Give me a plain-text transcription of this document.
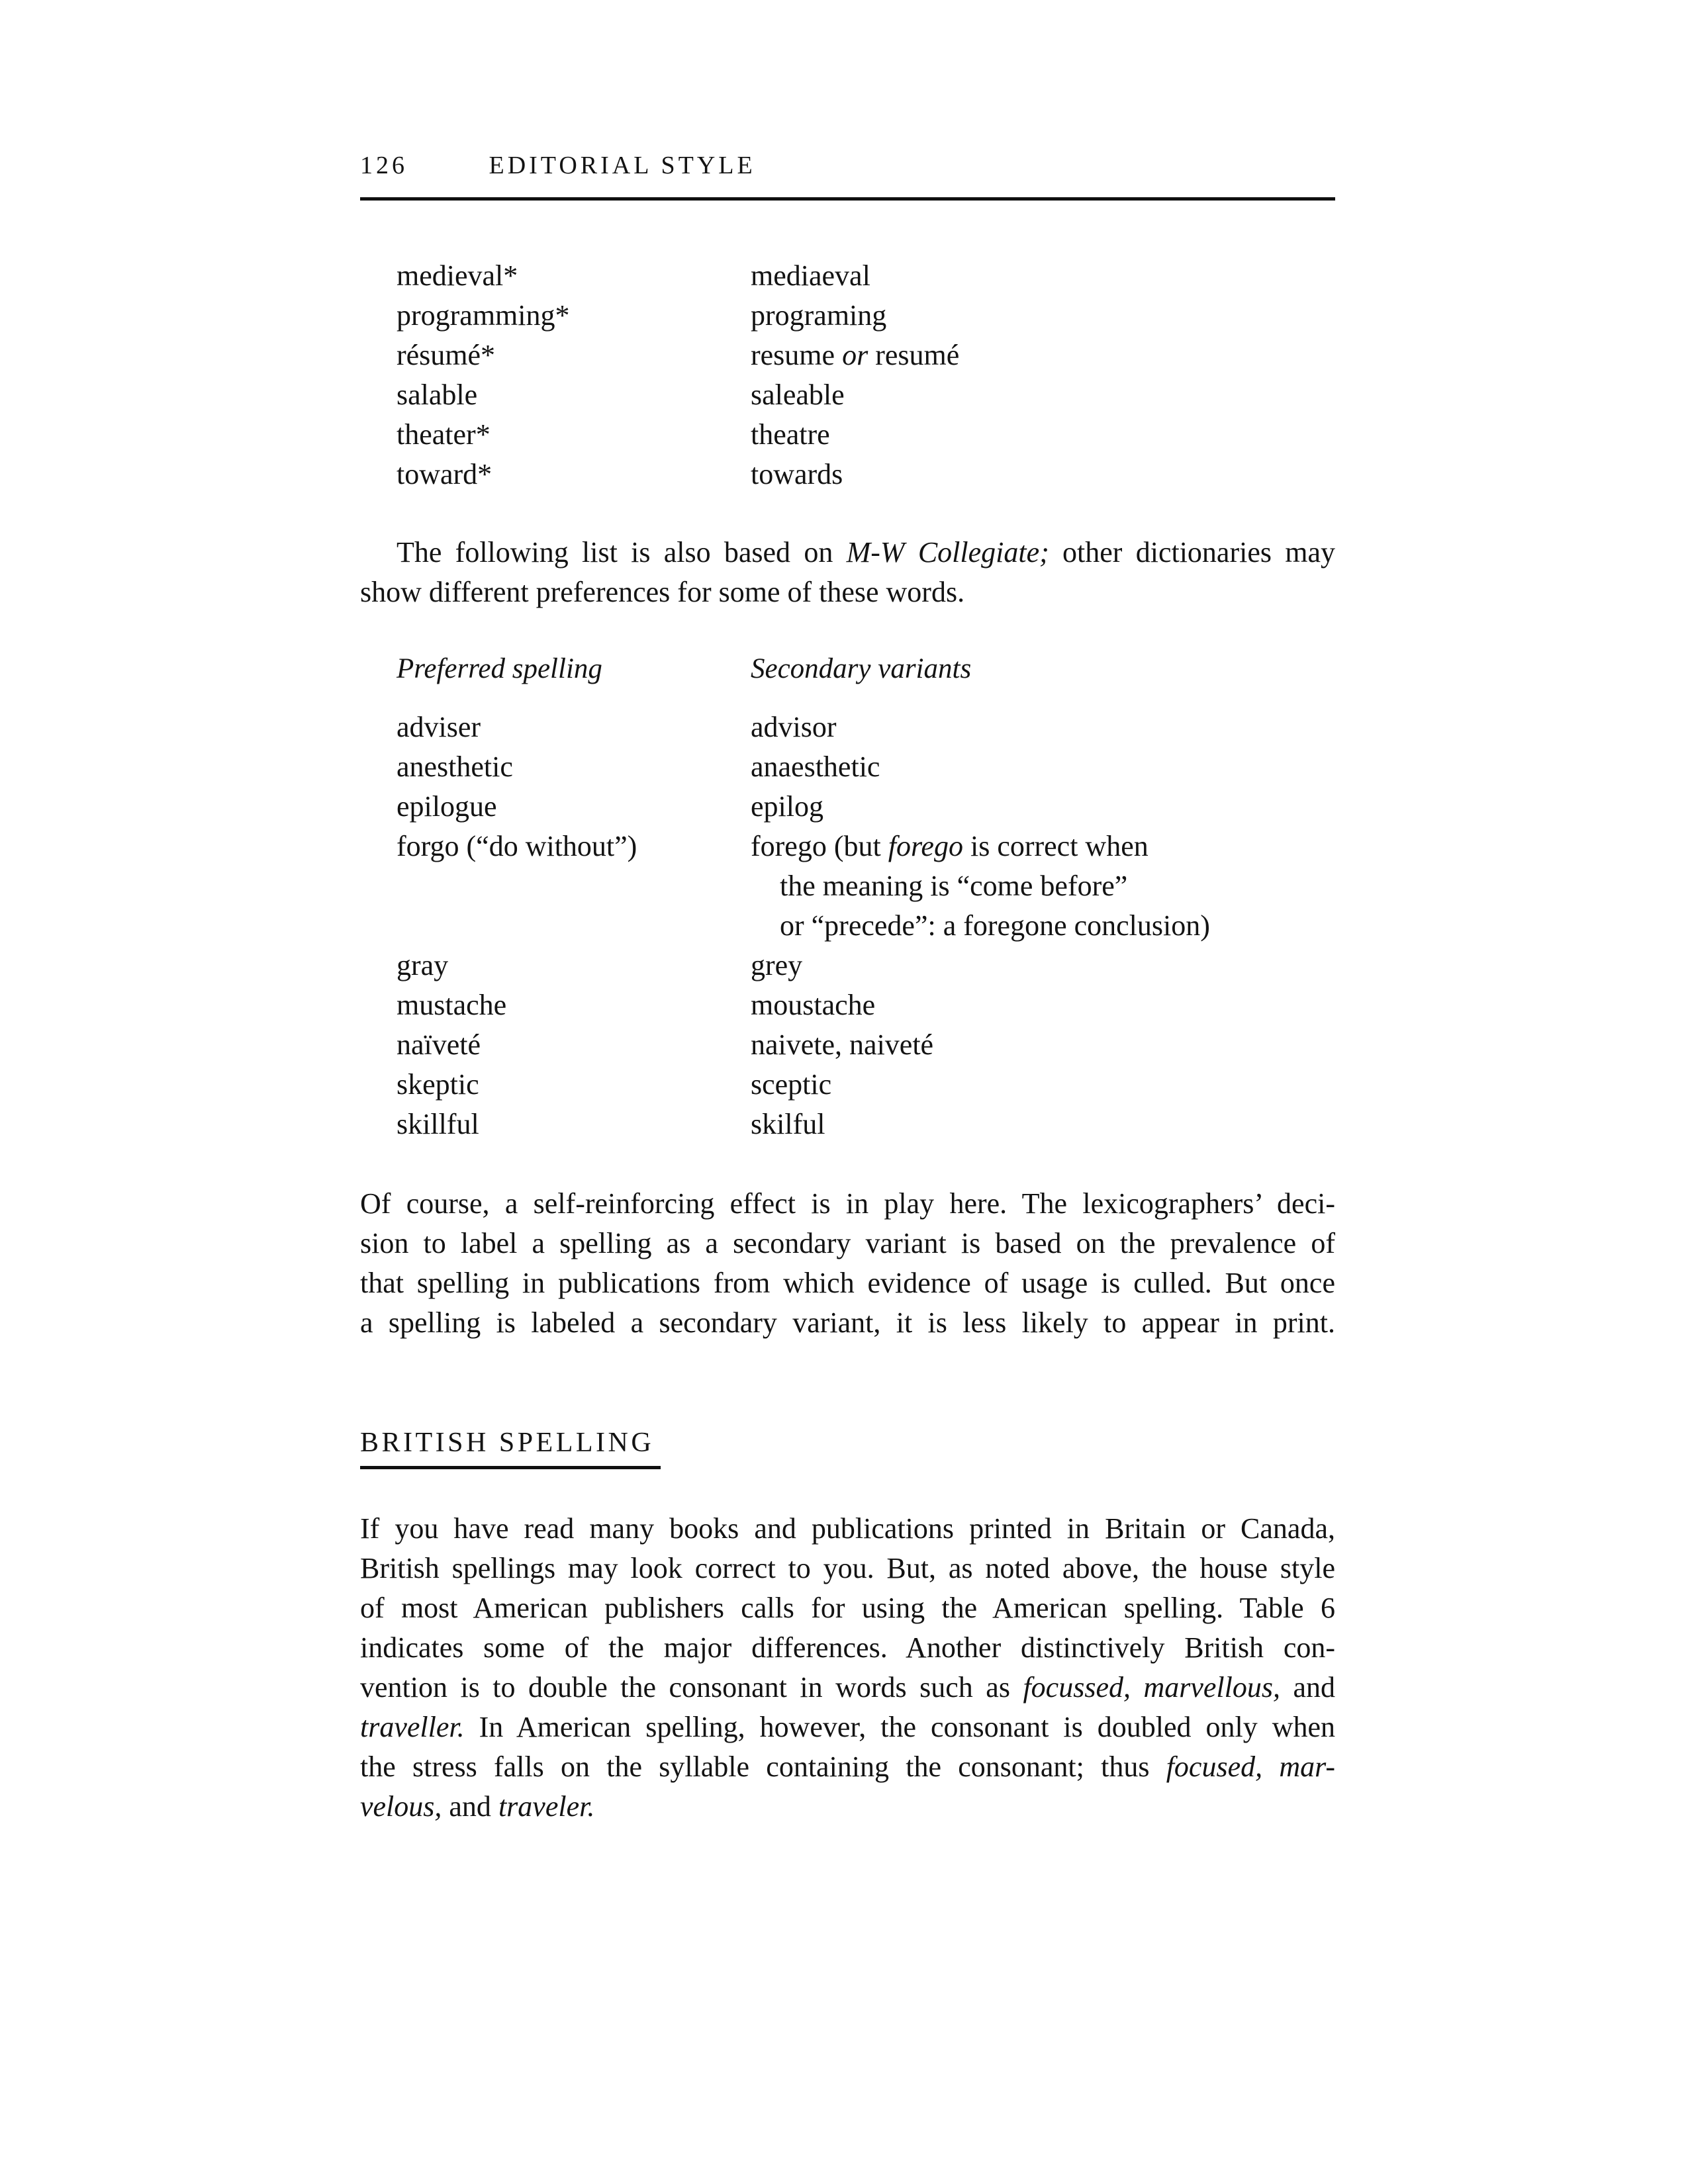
126	EDITORIAL STYLE
medieval*	mediaeval
programming*	programing
résumé*	resume or resumé
salable	saleable
theater*	theatre
toward*	towards

The following list is also based on M-W Collegiate; other dictionaries may
show different preferences for some of these words.

Preferred spelling	Secondary variants
adviser	advisor
anesthetic	anaesthetic
epilogue	epilog
forgo (“do without”)	forego (but forego is correct when
the meaning is “come before”
or “precede”: a foregone conclusion)
gray	grey
mustache	moustache
naïveté	naivete, naiveté
skeptic	sceptic
skillful	skilful

Of course, a self-reinforcing effect is in play here. The lexicographers’ deci-
sion to label a spelling as a secondary variant is based on the prevalence of
that spelling in publications from which evidence of usage is culled. But once
a spelling is labeled a secondary variant, it is less likely to appear in print.

BRITISH SPELLING

If you have read many books and publications printed in Britain or Canada,
British spellings may look correct to you. But, as noted above, the house style
of most American publishers calls for using the American spelling. Table 6
indicates some of the major differences. Another distinctively British con-
vention is to double the consonant in words such as focussed, marvellous, and
traveller. In American spelling, however, the consonant is doubled only when
the stress falls on the syllable containing the consonant; thus focused, mar-
velous, and traveler.
